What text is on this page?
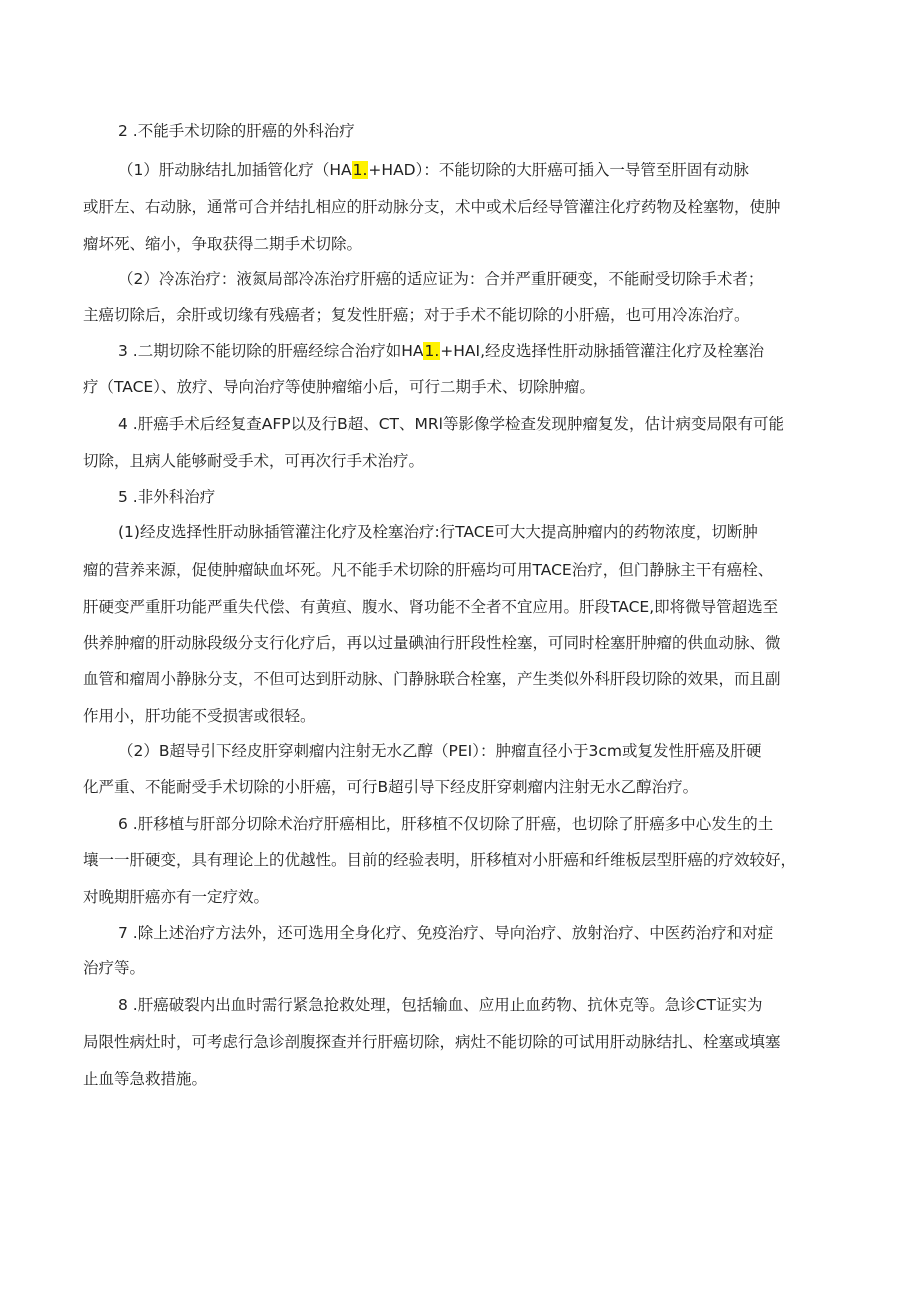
2 .不能手术切除的肝癌的外科治疗
（1）肝动脉结扎加插管化疗（HA1.+HAD）：不能切除的大肝癌可插入一导管至肝固有动脉
或肝左、右动脉，通常可合并结扎相应的肝动脉分支，术中或术后经导管灌注化疗药物及栓塞物，使肿
瘤坏死、缩小，争取获得二期手术切除。
（2）冷冻治疗：液氮局部冷冻治疗肝癌的适应证为：合并严重肝硬变，不能耐受切除手术者；
主癌切除后，余肝或切缘有残癌者；复发性肝癌；对于手术不能切除的小肝癌，也可用冷冻治疗。
3 .二期切除不能切除的肝癌经综合治疗如HA1.+HAI,经皮选择性肝动脉插管灌注化疗及栓塞治
疗（TACE）、放疗、导向治疗等使肿瘤缩小后，可行二期手术、切除肿瘤。
4 .肝癌手术后经复查AFP以及行B超、CT、MRl等影像学检查发现肿瘤复发，估计病变局限有可能
切除，且病人能够耐受手术，可再次行手术治疗。
5 .非外科治疗
(1)经皮选择性肝动脉插管灌注化疗及栓塞治疗:行TACE可大大提高肿瘤内的药物浓度，切断肿
瘤的营养来源，促使肿瘤缺血坏死。凡不能手术切除的肝癌均可用TACE治疗，但门静脉主干有癌栓、
肝硬变严重肝功能严重失代偿、有黄疸、腹水、肾功能不全者不宜应用。肝段TACE,即将微导管超选至
供养肿瘤的肝动脉段级分支行化疗后，再以过量碘油行肝段性栓塞，可同时栓塞肝肿瘤的供血动脉、微
血管和瘤周小静脉分支，不但可达到肝动脉、门静脉联合栓塞，产生类似外科肝段切除的效果，而且副
作用小，肝功能不受损害或很轻。
（2）B超导引下经皮肝穿刺瘤内注射无水乙醇（PEI）：肿瘤直径小于3cm或复发性肝癌及肝硬
化严重、不能耐受手术切除的小肝癌，可行B超引导下经皮肝穿刺瘤内注射无水乙醇治疗。
6 .肝移植与肝部分切除术治疗肝癌相比，肝移植不仅切除了肝癌，也切除了肝癌多中心发生的土
壤一一肝硬变，具有理论上的优越性。目前的经验表明，肝移植对小肝癌和纤维板层型肝癌的疗效较好，
对晚期肝癌亦有一定疗效。
7 .除上述治疗方法外，还可选用全身化疗、免疫治疗、导向治疗、放射治疗、中医药治疗和对症
治疗等。
8 .肝癌破裂内出血时需行紧急抢救处理，包括输血、应用止血药物、抗休克等。急诊CT证实为
局限性病灶时，可考虑行急诊剖腹探查并行肝癌切除，病灶不能切除的可试用肝动脉结扎、栓塞或填塞
止血等急救措施。
